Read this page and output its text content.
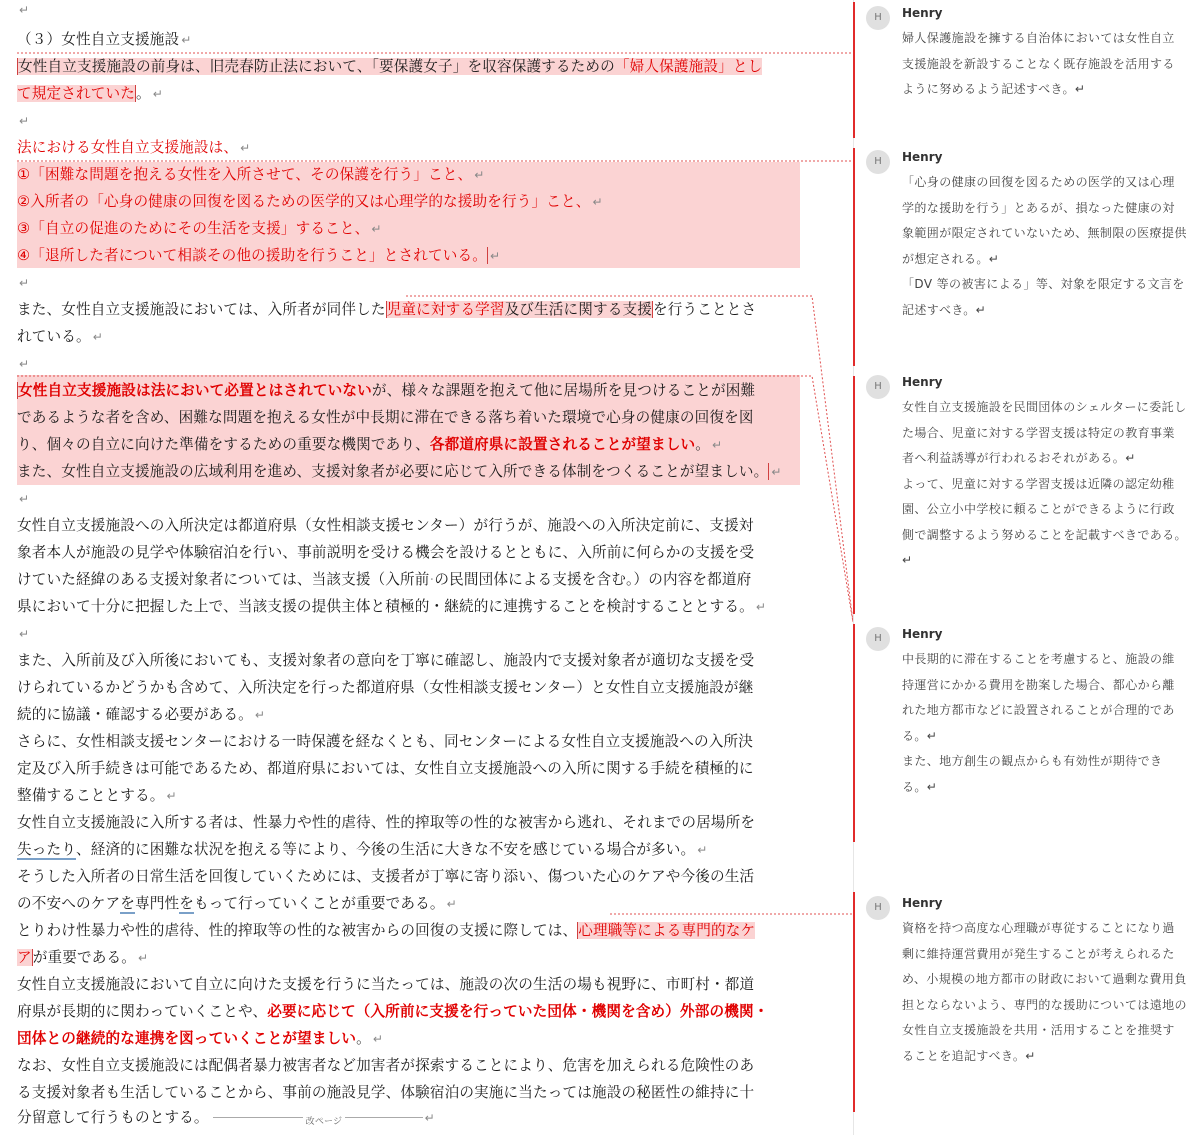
↵
（３）女性自立支援施設 ↵
女性自立支援施設の前身は、旧売春防止法において、「要保護女子」を収容保護するための「婦人保護施設」とし
て規定されていた。 ↵
↵
法における女性自立支援施設は、 ↵
①「困難な問題を抱える女性を入所させて、その保護を行う」こと、 ↵
②入所者の「心身の健康の回復を図るための医学的又は心理学的な援助を行う」こと、 ↵
③「自立の促進のためにその生活を支援」すること、 ↵
④「退所した者について相談その他の援助を行うこと」とされている。 ↵
↵
また、女性自立支援施設においては、入所者が同伴した児童に対する学習及び生活に関する支援を行うこととさ
れている。 ↵
↵
女性自立支援施設は法において必置とはされていないが、様々な課題を抱えて他に居場所を見つけることが困難
であるような者を含め、困難な問題を抱える女性が中長期に滞在できる落ち着いた環境で心身の健康の回復を図
り、個々の自立に向けた準備をするための重要な機関であり、各都道府県に設置されることが望ましい。 ↵
また、女性自立支援施設の広域利用を進め、支援対象者が必要に応じて入所できる体制をつくることが望ましい。 ↵
↵
女性自立支援施設への入所決定は都道府県（女性相談支援センター）が行うが、施設への入所決定前に、支援対
象者本人が施設の見学や体験宿泊を行い、事前説明を受ける機会を設けるとともに、入所前に何らかの支援を受
けていた経緯のある支援対象者については、当該支援（入所前·の民間団体による支援を含む。）の内容を都道府
県において十分に把握した上で、当該支援の提供主体と積極的・継続的に連携することを検討することとする。 ↵
↵
また、入所前及び入所後においても、支援対象者の意向を丁寧に確認し、施設内で支援対象者が適切な支援を受
けられているかどうかも含めて、入所決定を行った都道府県（女性相談支援センター）と女性自立支援施設が継
続的に協議・確認する必要がある。 ↵
さらに、女性相談支援センターにおける一時保護を経なくとも、同センターによる女性自立支援施設への入所決
定及び入所手続きは可能であるため、都道府県においては、女性自立支援施設への入所に関する手続を積極的に
整備することとする。 ↵
女性自立支援施設に入所する者は、性暴力や性的虐待、性的搾取等の性的な被害から逃れ、それまでの居場所を
失ったり、経済的に困難な状況を抱える等により、今後の生活に大きな不安を感じている場合が多い。 ↵
そうした入所者の日常生活を回復していくためには、支援者が丁寧に寄り添い、傷ついた心のケアや今後の生活
の不安へのケアを専門性をもって行っていくことが重要である。 ↵
とりわけ性暴力や性的虐待、性的搾取等の性的な被害からの回復の支援に際しては、心理職等による専門的なケ
アが重要である。 ↵
女性自立支援施設において自立に向けた支援を行うに当たっては、施設の次の生活の場も視野に、市町村・都道
府県が長期的に関わっていくことや、必要に応じて（入所前に支援を行っていた団体・機関を含め）外部の機関・
団体との継続的な連携を図っていくことが望ましい。 ↵
なお、女性自立支援施設には配偶者暴力被害者など加害者が探索することにより、危害を加えられる危険性のあ
る支援対象者も生活していることから、事前の施設見学、体験宿泊の実施に当たっては施設の秘匿性の維持に十
分留意して行うものとする。	改ページ	↵
H	Henry
婦人保護施設を擁する自治体においては女性自立支援施設を新設することなく既存施設を活用するように努めるよう記述すべき。↵
H	Henry
「心身の健康の回復を図るための医学的又は心理学的な援助を行う」とあるが、損なった健康の対象範囲が限定されていないため、無制限の医療提供が想定される。↵
「DV 等の被害による」等、対象を限定する文言を記述すべき。↵
H	Henry
女性自立支援施設を民間団体のシェルターに委託した場合、児童に対する学習支援は特定の教育事業者へ利益誘導が行われるおそれがある。↵
よって、児童に対する学習支援は近隣の認定幼稚園、公立小中学校に頼ることができるように行政側で調整するよう努めることを記載すべきである。↵
H	Henry
中長期的に滞在することを考慮すると、施設の維持運営にかかる費用を勘案した場合、都心から離れた地方都市などに設置されることが合理的である。↵
また、地方創生の観点からも有効性が期待できる。↵
H	Henry
資格を持つ高度な心理職が専従することになり過剰に維持運営費用が発生することが考えられるため、小規模の地方都市の財政において過剰な費用負担とならないよう、専門的な援助については遠地の女性自立支援施設を共用・活用することを推奨することを追記すべき。↵
